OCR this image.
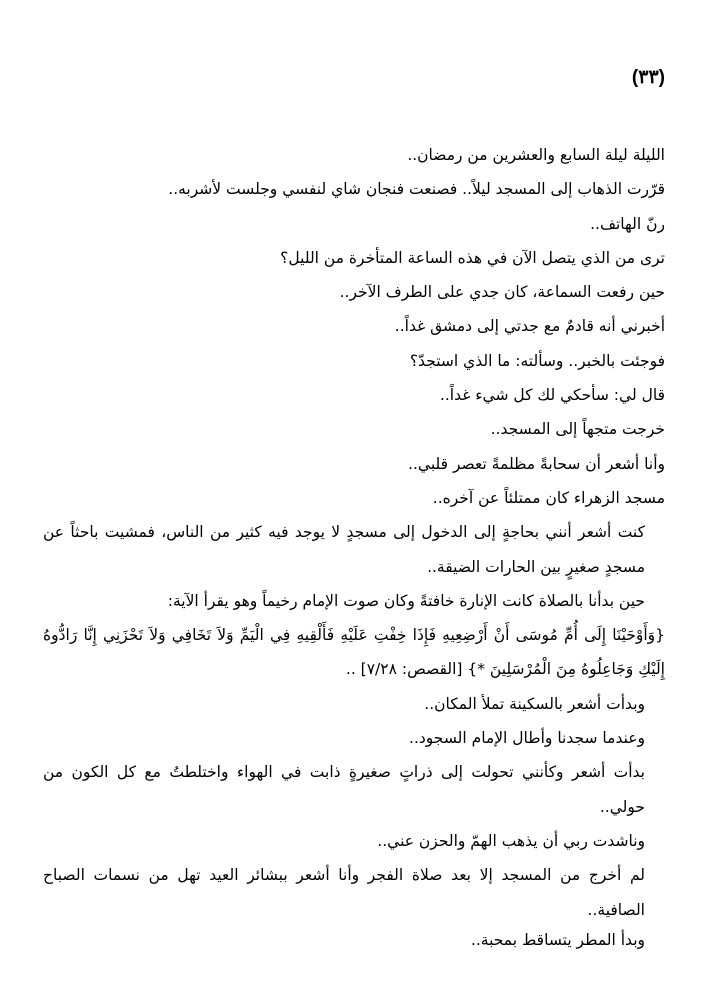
(٣٣)

الليلة ليلة السابع والعشرين من رمضان..

قرّرت الذهاب إلى المسجد ليلاً.. فصنعت فنجان شاي لنفسي وجلست لأشربه..

رنّ الهاتف..

ترى من الذي يتصل الآن في هذه الساعة المتأخرة من الليل؟

حين رفعت السماعة، كان جدي على الطرف الآخر..

أخبرني أنه قادمٌ مع جدتي إلى دمشق غداً..

فوجئت بالخبر.. وسألته: ما الذي استجدّ؟

قال لي: سأحكي لك كل شيء غداً..

خرجت متجهاً إلى المسجد..

وأنا أشعر أن سحابةً مظلمةً تعصر قلبي..

مسجد الزهراء كان ممتلئاً عن آخره..

كنت أشعر أنني بحاجةٍ إلى الدخول إلى مسجدٍ لا يوجد فيه كثير من الناس، فمشيت باحثاً عن مسجدٍ صغيرٍ بين الحارات الضيقة..

حين بدأنا بالصلاة كانت الإنارة خافتةً وكان صوت الإمام رخيماً وهو يقرأ الآية:

{وَأَوْحَيْنَا إِلَى أُمِّ مُوسَى أَنْ أَرْضِعِيهِ فَإِذَا خِفْتِ عَلَيْهِ فَأَلْقِيهِ فِي الْيَمِّ وَلاَ تَخَافِي وَلاَ تَحْزَنِي إِنَّا رَادُّوهُ إِلَيْكِ وَجَاعِلُوهُ مِنَ الْمُرْسَلِينَ *} [القصص: ٧/٢٨] ..

وبدأت أشعر بالسكينة تملأ المكان..

وعندما سجدنا وأطال الإمام السجود..

بدأت أشعر وكأنني تحولت إلى ذراتٍ صغيرةٍ ذابت في الهواء واختلطتُ مع كل الكون من حولي..

وناشدت ربي أن يذهب الهمّ والحزن عني..

لم أخرج من المسجد إلا بعد صلاة الفجر وأنا أشعر ببشائر العيد تهل من نسمات الصباح الصافية..

وبدأ المطر يتساقط بمحبة..
